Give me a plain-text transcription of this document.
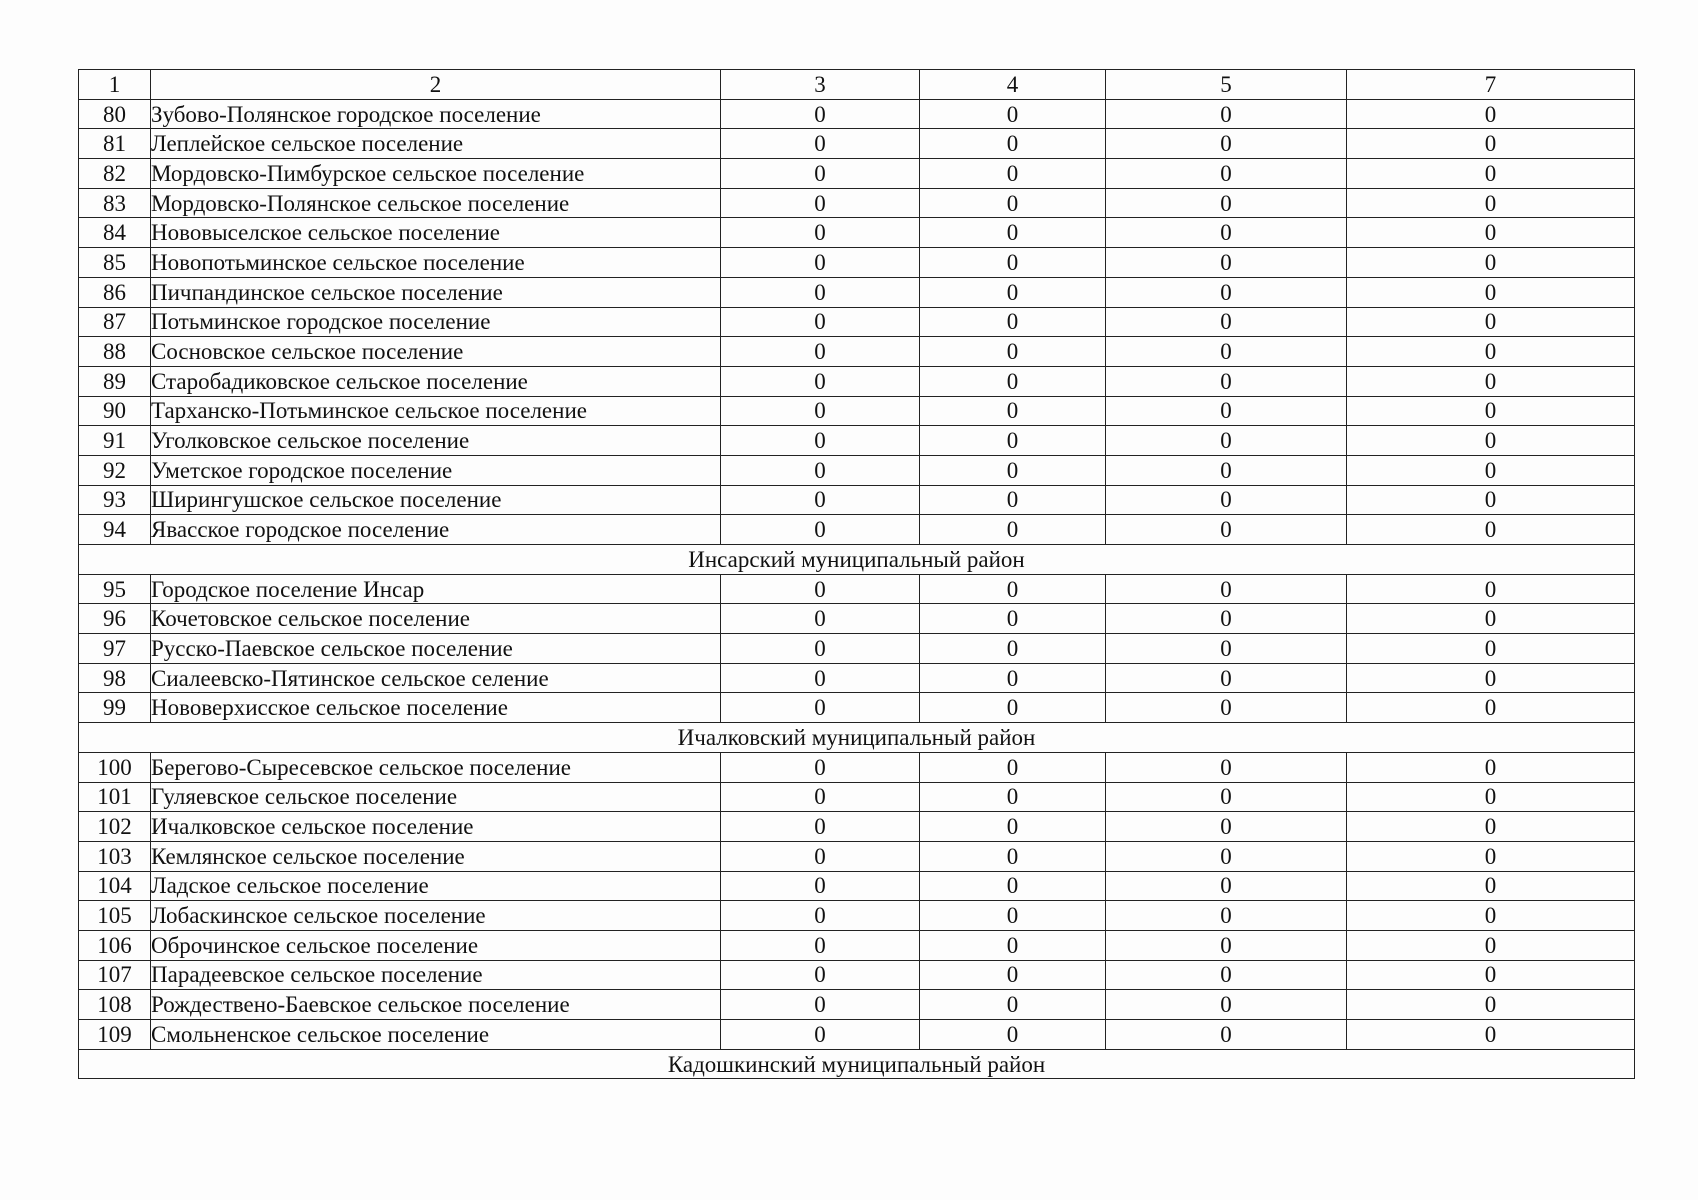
1	2	3	4	5	7
80	Зубово-Полянское городское поселение	0	0	0	0
81	Леплейское сельское поселение	0	0	0	0
82	Мордовско-Пимбурское сельское поселение	0	0	0	0
83	Мордовско-Полянское сельское поселение	0	0	0	0
84	Нововыселское сельское поселение	0	0	0	0
85	Новопотьминское сельское поселение	0	0	0	0
86	Пичпандинское сельское поселение	0	0	0	0
87	Потьминское городское поселение	0	0	0	0
88	Сосновское сельское поселение	0	0	0	0
89	Старобадиковское сельское поселение	0	0	0	0
90	Тарханско-Потьминское сельское поселение	0	0	0	0
91	Уголковское сельское поселение	0	0	0	0
92	Уметское городское поселение	0	0	0	0
93	Ширингушское сельское поселение	0	0	0	0
94	Явасское городское поселение	0	0	0	0
Инсарский муниципальный район					
95	Городское поселение Инсар	0	0	0	0
96	Кочетовское сельское поселение	0	0	0	0
97	Русско-Паевское сельское поселение	0	0	0	0
98	Сиалеевско-Пятинское сельское селение	0	0	0	0
99	Нововерхисское сельское поселение	0	0	0	0
Ичалковский муниципальный район					
100	Берегово-Сыресевское сельское поселение	0	0	0	0
101	Гуляевское сельское поселение	0	0	0	0
102	Ичалковское сельское поселение	0	0	0	0
103	Кемлянское сельское поселение	0	0	0	0
104	Ладское сельское поселение	0	0	0	0
105	Лобаскинское сельское поселение	0	0	0	0
106	Оброчинское сельское поселение	0	0	0	0
107	Парадеевское сельское поселение	0	0	0	0
108	Рождествено-Баевское сельское поселение	0	0	0	0
109	Смольненское сельское поселение	0	0	0	0
Кадошкинский муниципальный район					
